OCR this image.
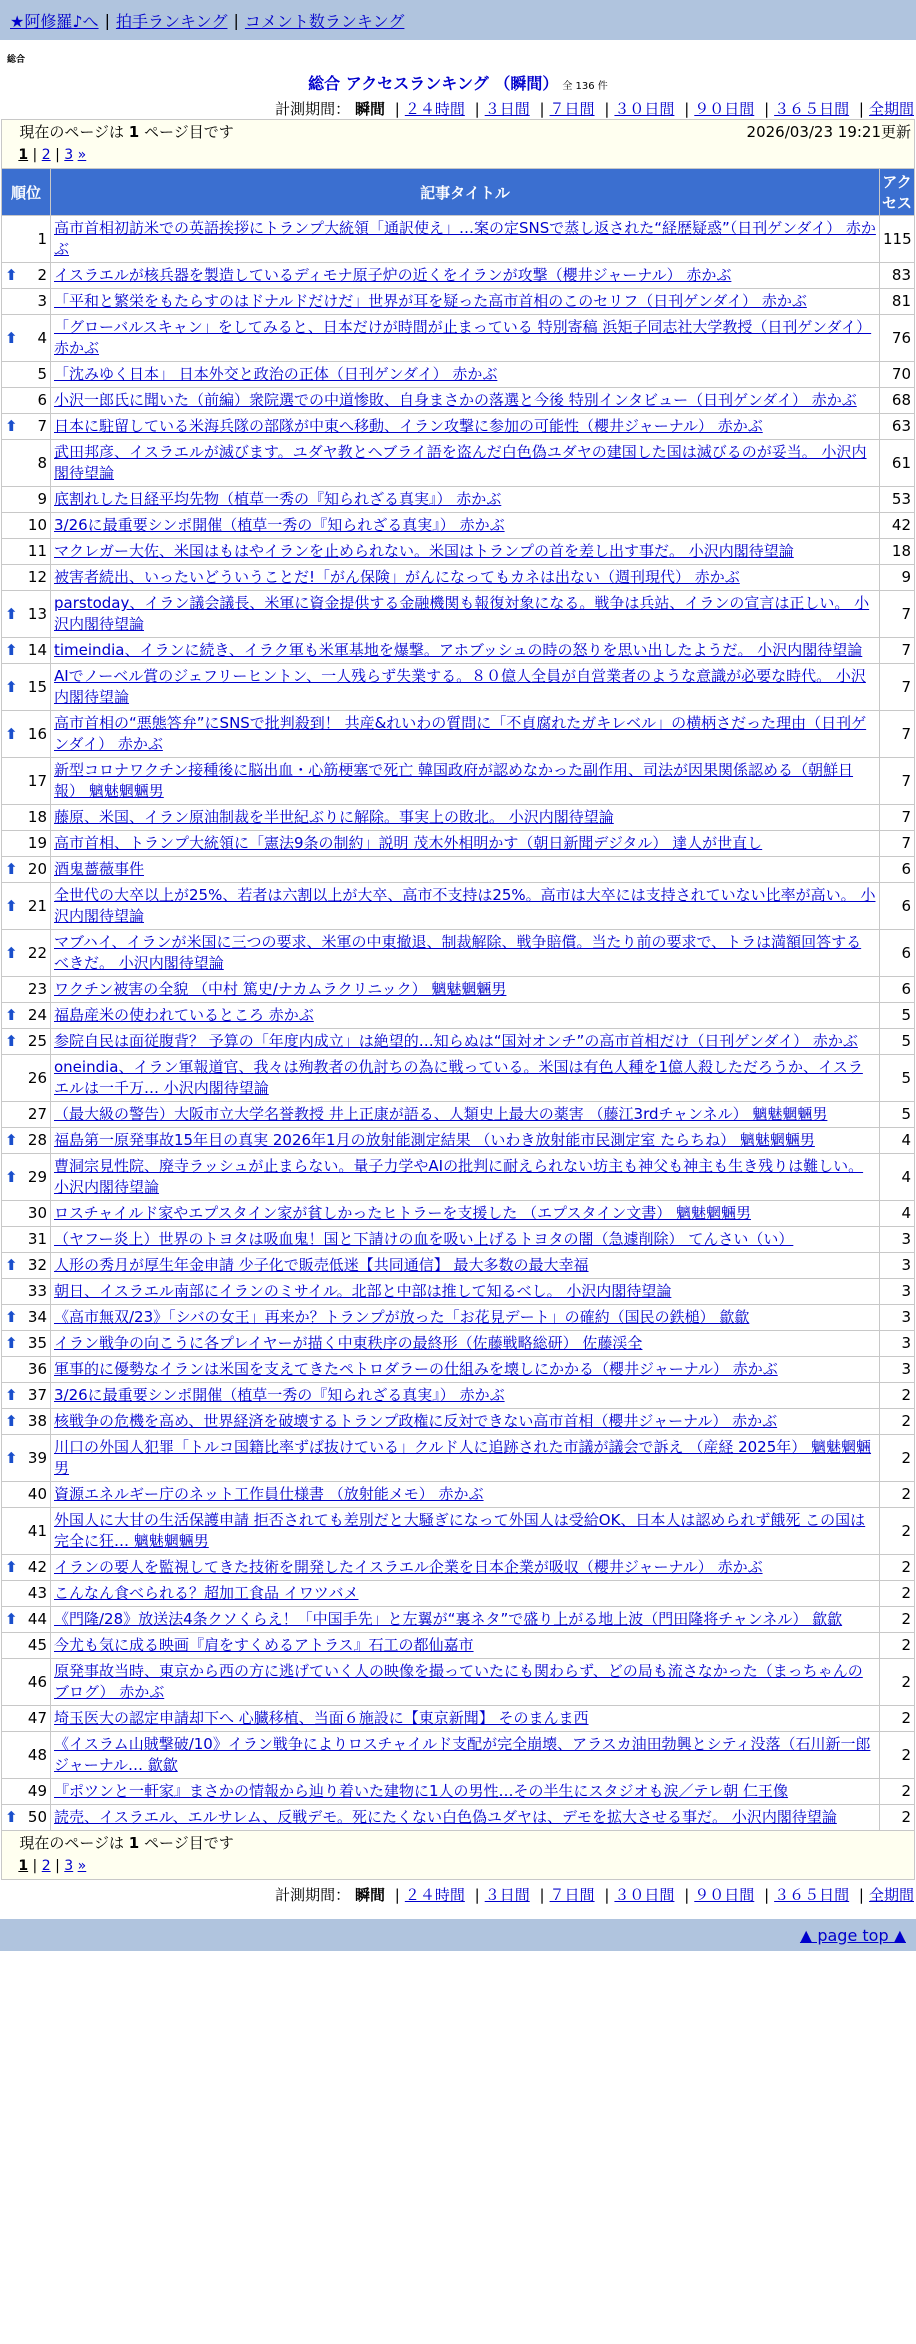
★阿修羅♪へ | 拍手ランキング | コメント数ランキング
総合
総合 アクセスランキング （瞬間） 全 136 件
計測期間： 瞬間 | ２４時間 | ３日間 | ７日間 | ３０日間 | ９０日間 | ３６５日間 | 全期間
現在のページは 1 ページ目です 2026/03/23 19:21更新
1 | 2 | 3 »		

順位	記事タイトル	アクセス
1	高市首相初訪米での英語挨拶にトランプ大統領「通訳使え」…案の定SNSで蒸し返された“経歴疑惑”（日刊ゲンダイ） 赤かぶ	115

⬆ 2	イスラエルが核兵器を製造しているディモナ原子炉の近くをイランが攻撃（櫻井ジャーナル） 赤かぶ	83
3	「平和と繁栄をもたらすのはドナルドだけだ」世界が耳を疑った高市首相のこのセリフ（日刊ゲンダイ） 赤かぶ	81

⬆ 4	「グローバルスキャン」をしてみると、日本だけが時間が止まっている 特別寄稿 浜矩子同志社大学教授（日刊ゲンダイ） 赤かぶ	76
5	「沈みゆく日本」 日本外交と政治の正体（日刊ゲンダイ） 赤かぶ	70
6	小沢一郎氏に聞いた（前編）衆院選での中道惨敗、自身まさかの落選と今後 特別インタビュー（日刊ゲンダイ） 赤かぶ	68

⬆ 7	日本に駐留している米海兵隊の部隊が中東へ移動、イラン攻撃に参加の可能性（櫻井ジャーナル） 赤かぶ	63
8	武田邦彦、イスラエルが滅びます。ユダヤ教とヘブライ語を盗んだ白色偽ユダヤの建国した国は滅びるのが妥当。 小沢内閣待望論	61
9	底割れした日経平均先物（植草一秀の『知られざる真実』） 赤かぶ	53
10	3/26に最重要シンポ開催（植草一秀の『知られざる真実』） 赤かぶ	42
11	マクレガー大佐、米国はもはやイランを止められない。米国はトランプの首を差し出す事だ。 小沢内閣待望論	18
12	被害者続出、いったいどういうことだ!「がん保険」がんになってもカネは出ない（週刊現代） 赤かぶ	9

⬆ 13	parstoday、イラン議会議長、米軍に資金提供する金融機関も報復対象になる。戦争は兵站、イランの宣言は正しい。 小沢内閣待望論	7

⬆ 14	timeindia、イランに続き、イラク軍も米軍基地を爆撃。アホブッシュの時の怒りを思い出したようだ。 小沢内閣待望論	7

⬆ 15	AIでノーベル賞のジェフリーヒントン、一人残らず失業する。８０億人全員が自営業者のような意識が必要な時代。 小沢内閣待望論	7

⬆ 16	高市首相の“悪態答弁”にSNSで批判殺到！ 共産&れいわの質問に「不貞腐れたガキレベル」の横柄さだった理由（日刊ゲンダイ） 赤かぶ	7
17	新型コロナワクチン接種後に脳出血・心筋梗塞で死亡 韓国政府が認めなかった副作用、司法が因果関係認める（朝鮮日報） 魑魅魍魎男	7
18	藤原、米国、イラン原油制裁を半世紀ぶりに解除。事実上の敗北。 小沢内閣待望論	7
19	高市首相、トランプ大統領に「憲法9条の制約」説明 茂木外相明かす（朝日新聞デジタル） 達人が世直し	7

⬆ 20	酒鬼薔薇事件	6

⬆ 21	全世代の大卒以上が25%、若者は六割以上が大卒、高市不支持は25%。高市は大卒には支持されていない比率が高い。 小沢内閣待望論	6

⬆ 22	マブハイ、イランが米国に三つの要求、米軍の中東撤退、制裁解除、戦争賠償。当たり前の要求で、トラは満額回答するべきだ。 小沢内閣待望論	6
23	ワクチン被害の全貌 （中村 篤史/ナカムラクリニック） 魑魅魍魎男	6

⬆ 24	福島産米の使われているところ 赤かぶ	5

⬆ 25	参院自民は面従腹背？ 予算の「年度内成立」は絶望的…知らぬは“国対オンチ”の高市首相だけ（日刊ゲンダイ） 赤かぶ	5
26	oneindia、イラン軍報道官、我々は殉教者の仇討ちの為に戦っている。米国は有色人種を1億人殺しただろうか、イスラエルは一千万… 小沢内閣待望論	5
27	（最大級の警告）大阪市立大学名誉教授 井上正康が語る、人類史上最大の薬害 （藤江3rdチャンネル） 魑魅魍魎男	5

⬆ 28	福島第一原発事故15年目の真実 2026年1月の放射能測定結果 （いわき放射能市民測定室 たらちね） 魑魅魍魎男	4

⬆ 29	曹洞宗見性院、廃寺ラッシュが止まらない。量子力学やAIの批判に耐えられない坊主も神父も神主も生き残りは難しい。 小沢内閣待望論	4
30	ロスチャイルド家やエプスタイン家が貧しかったヒトラーを支援した （エプスタイン文書） 魑魅魍魎男	4
31	（ヤフー炎上）世界のトヨタは吸血鬼！国と下請けの血を吸い上げるトヨタの闇（急遽削除） てんさい（い）	3

⬆ 32	人形の秀月が厚生年金申請 少子化で販売低迷【共同通信】 最大多数の最大幸福	3
33	朝日、イスラエル南部にイランのミサイル。北部と中部は推して知るべし。 小沢内閣待望論	3

⬆ 34	《高市無双/23》「シバの女王」再来か？トランプが放った「お花見デート」の確約（国民の鉄槌） 歙歙	3

⬆ 35	イラン戦争の向こうに各プレイヤーが描く中東秩序の最終形（佐藤戦略総研） 佐藤渓全	3
36	軍事的に優勢なイランは米国を支えてきたペトロダラーの仕組みを壊しにかかる（櫻井ジャーナル） 赤かぶ	3

⬆ 37	3/26に最重要シンポ開催（植草一秀の『知られざる真実』） 赤かぶ	2

⬆ 38	核戦争の危機を高め、世界経済を破壊するトランプ政権に反対できない高市首相（櫻井ジャーナル） 赤かぶ	2

⬆ 39	川口の外国人犯罪「トルコ国籍比率ずば抜けている」クルド人に追跡された市議が議会で訴え （産経 2025年） 魑魅魍魎男	2
40	資源エネルギー庁のネット工作員仕様書 （放射能メモ） 赤かぶ	2
41	外国人に大甘の生活保護申請 拒否されても差別だと大騒ぎになって外国人は受給OK、日本人は認められず餓死 この国は完全に狂… 魑魅魍魎男	2

⬆ 42	イランの要人を監視してきた技術を開発したイスラエル企業を日本企業が吸収（櫻井ジャーナル） 赤かぶ	2
43	こんなん食べられる？超加工食品 イワツバメ	2

⬆ 44	《門隆/28》放送法4条クソくらえ！「中国手先」と左翼が“裏ネタ”で盛り上がる地上波（門田隆将チャンネル） 歙歙	2
45	今尤も気に成る映画『肩をすくめるアトラス』石工の都仙嘉市	2
46	原発事故当時、東京から西の方に逃げていく人の映像を撮っていたにも関わらず、どの局も流さなかった（まっちゃんのブログ） 赤かぶ	2
47	埼玉医大の認定申請却下へ 心臓移植、当面６施設に【東京新聞】 そのまんま西	2
48	《イスラム山賊撃破/10》イラン戦争によりロスチャイルド支配が完全崩壊、アラスカ油田勃興とシティ没落（石川新一郎ジャーナル… 歙歙	2
49	『ポツンと一軒家』まさかの情報から辿り着いた建物に1人の男性…その半生にスタジオも涙／テレ朝 仁王像	2

⬆ 50	読売、イスラエル、エルサレム、反戦デモ。死にたくない白色偽ユダヤは、デモを拡大させる事だ。 小沢内閣待望論	2

現在のページは 1 ページ目です
1 | 2 | 3 »		
計測期間： 瞬間 | ２４時間 | ３日間 | ７日間 | ３０日間 | ９０日間 | ３６５日間 | 全期間
▲ page top ▲
